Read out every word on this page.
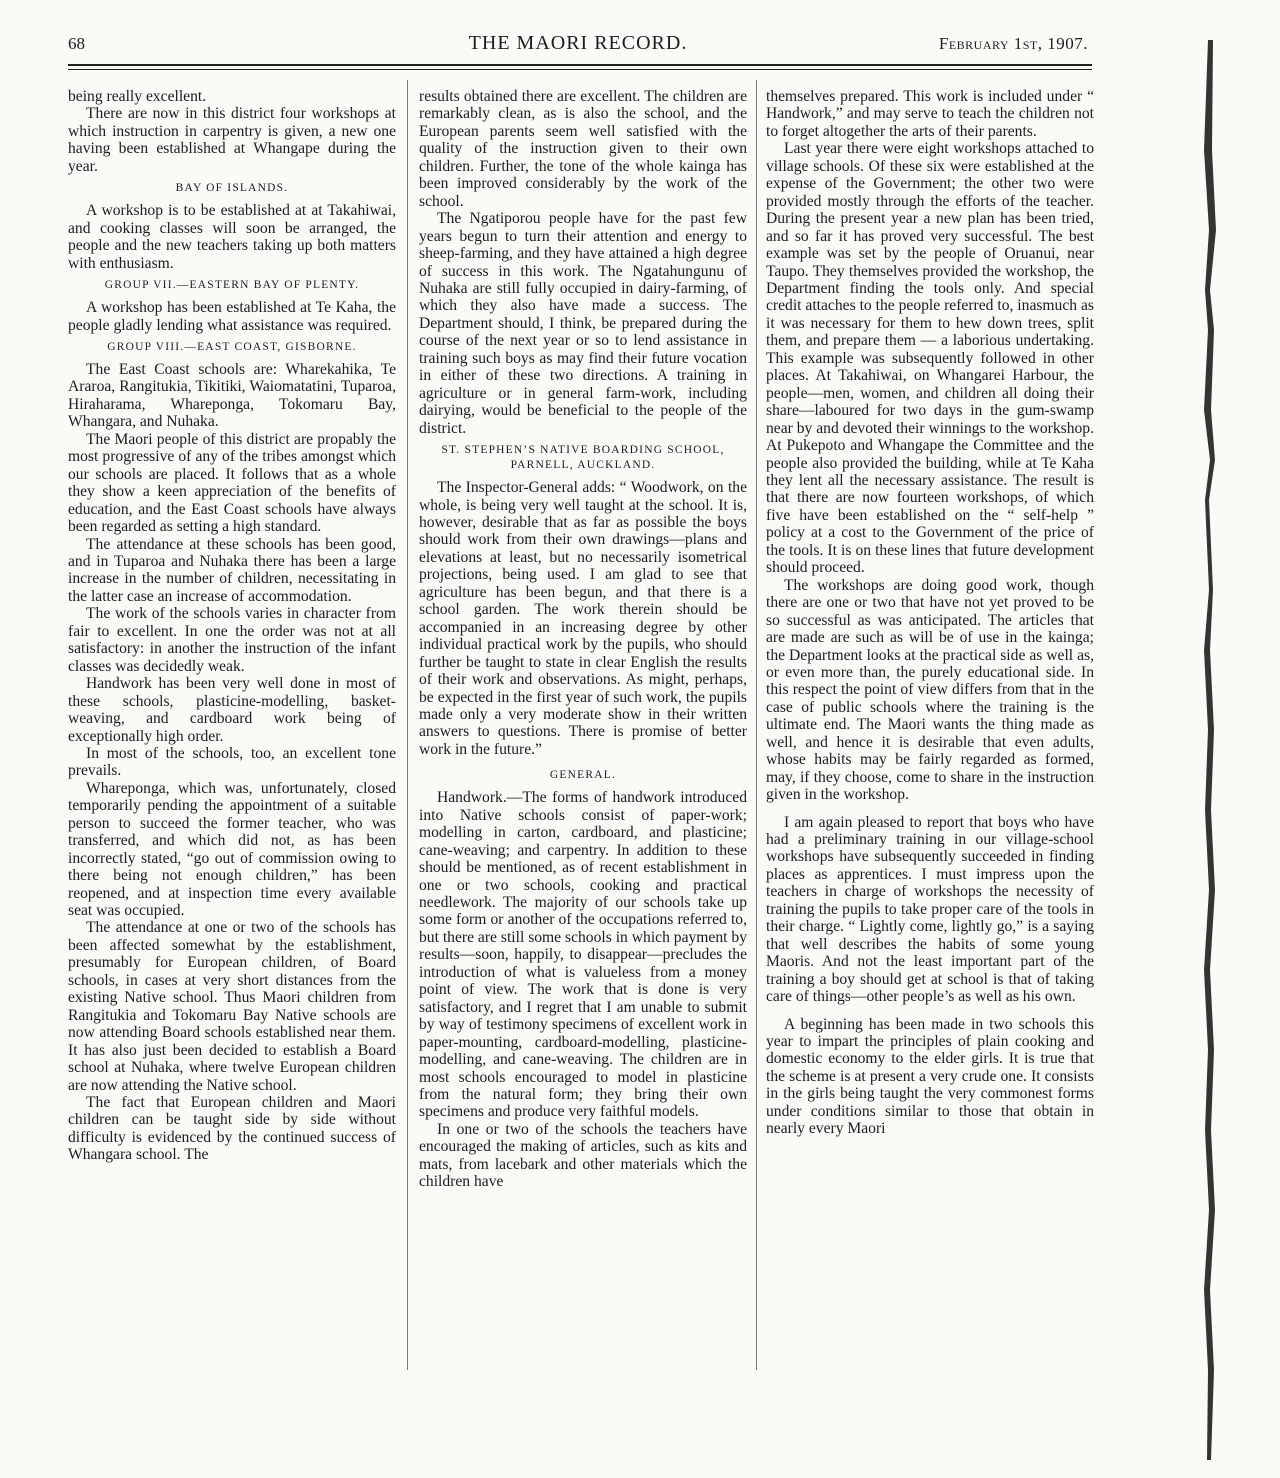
68	THE MAORI RECORD.	February 1st, 1907.

being really excellent.

There are now in this district four workshops at which instruction in carpentry is given, a new one having been established at Whangape during the year.

BAY OF ISLANDS.

A workshop is to be established at at Takahiwai, and cooking classes will soon be arranged, the people and the new teachers taking up both matters with enthusiasm.

GROUP VII.—EASTERN BAY OF PLENTY.

A workshop has been established at Te Kaha, the people gladly lending what assistance was required.

GROUP VIII.—EAST COAST, GISBORNE.

The East Coast schools are: Wharekahika, Te Araroa, Rangitukia, Tikitiki, Waiomatatini, Tuparoa, Hiraharama, Whareponga, Tokomaru Bay, Whangara, and Nuhaka.

The Maori people of this district are propably the most progressive of any of the tribes amongst which our schools are placed. It follows that as a whole they show a keen appreciation of the benefits of education, and the East Coast schools have always been regarded as setting a high standard.

The attendance at these schools has been good, and in Tuparoa and Nuhaka there has been a large increase in the number of children, necessitating in the latter case an increase of accommodation.

The work of the schools varies in character from fair to excellent. In one the order was not at all satisfactory: in another the instruction of the infant classes was decidedly weak.

Handwork has been very well done in most of these schools, plasticine-modelling, basket-weaving, and cardboard work being of exceptionally high order.

In most of the schools, too, an excellent tone prevails.

Whareponga, which was, unfortunately, closed temporarily pending the appointment of a suitable person to succeed the former teacher, who was transferred, and which did not, as has been incorrectly stated, “go out of commission owing to there being not enough children,” has been reopened, and at inspection time every available seat was occupied.

The attendance at one or two of the schools has been affected somewhat by the establishment, presumably for European children, of Board schools, in cases at very short distances from the existing Native school. Thus Maori children from Rangitukia and Tokomaru Bay Native schools are now attending Board schools established near them. It has also just been decided to establish a Board school at Nuhaka, where twelve European children are now attending the Native school.

The fact that European children and Maori children can be taught side by side without difficulty is evidenced by the continued success of Whangara school. The

results obtained there are excellent. The children are remarkably clean, as is also the school, and the European parents seem well satisfied with the quality of the instruction given to their own children. Further, the tone of the whole kainga has been improved considerably by the work of the school.

The Ngatiporou people have for the past few years begun to turn their attention and energy to sheep-farming, and they have attained a high degree of success in this work. The Ngatahungunu of Nuhaka are still fully occupied in dairy-farming, of which they also have made a success. The Department should, I think, be prepared during the course of the next year or so to lend assistance in training such boys as may find their future vocation in either of these two directions. A training in agriculture or in general farm-work, including dairying, would be beneficial to the people of the district.

ST. STEPHEN’S NATIVE BOARDING SCHOOL, PARNELL, AUCKLAND.

The Inspector-General adds: “ Woodwork, on the whole, is being very well taught at the school. It is, however, desirable that as far as possible the boys should work from their own drawings—plans and elevations at least, but no necessarily isometrical projections, being used. I am glad to see that agriculture has been begun, and that there is a school garden. The work therein should be accompanied in an increasing degree by other individual practical work by the pupils, who should further be taught to state in clear English the results of their work and observations. As might, perhaps, be expected in the first year of such work, the pupils made only a very moderate show in their written answers to questions. There is promise of better work in the future.”

GENERAL.

Handwork.—The forms of handwork introduced into Native schools consist of paper-work; modelling in carton, cardboard, and plasticine; cane-weaving; and carpentry. In addition to these should be mentioned, as of recent establishment in one or two schools, cooking and practical needlework. The majority of our schools take up some form or another of the occupations referred to, but there are still some schools in which payment by results—soon, happily, to disappear—precludes the introduction of what is valueless from a money point of view. The work that is done is very satisfactory, and I regret that I am unable to submit by way of testimony specimens of excellent work in paper-mounting, cardboard-modelling, plasticine-modelling, and cane-weaving. The children are in most schools encouraged to model in plasticine from the natural form; they bring their own specimens and produce very faithful models.

In one or two of the schools the teachers have encouraged the making of articles, such as kits and mats, from lacebark and other materials which the children have

themselves prepared. This work is included under “ Handwork,” and may serve to teach the children not to forget altogether the arts of their parents.

Last year there were eight workshops attached to village schools. Of these six were established at the expense of the Government; the other two were provided mostly through the efforts of the teacher. During the present year a new plan has been tried, and so far it has proved very successful. The best example was set by the people of Oruanui, near Taupo. They themselves provided the workshop, the Department finding the tools only. And special credit attaches to the people referred to, inasmuch as it was necessary for them to hew down trees, split them, and prepare them — a laborious undertaking. This example was subsequently followed in other places. At Takahiwai, on Whangarei Harbour, the people—men, women, and children all doing their share—laboured for two days in the gum-swamp near by and devoted their winnings to the workshop. At Pukepoto and Whangape the Committee and the people also provided the building, while at Te Kaha they lent all the necessary assistance. The result is that there are now fourteen workshops, of which five have been established on the “ self-help ” policy at a cost to the Government of the price of the tools. It is on these lines that future development should proceed.

The workshops are doing good work, though there are one or two that have not yet proved to be so successful as was anticipated. The articles that are made are such as will be of use in the kainga; the Department looks at the practical side as well as, or even more than, the purely educational side. In this respect the point of view differs from that in the case of public schools where the training is the ultimate end. The Maori wants the thing made as well, and hence it is desirable that even adults, whose habits may be fairly regarded as formed, may, if they choose, come to share in the instruction given in the workshop.

I am again pleased to report that boys who have had a preliminary training in our village-school workshops have subsequently succeeded in finding places as apprentices. I must impress upon the teachers in charge of workshops the necessity of training the pupils to take proper care of the tools in their charge. “ Lightly come, lightly go,” is a saying that well describes the habits of some young Maoris. And not the least important part of the training a boy should get at school is that of taking care of things—other people’s as well as his own.

A beginning has been made in two schools this year to impart the principles of plain cooking and domestic economy to the elder girls. It is true that the scheme is at present a very crude one. It consists in the girls being taught the very commonest forms under conditions similar to those that obtain in nearly every Maori
